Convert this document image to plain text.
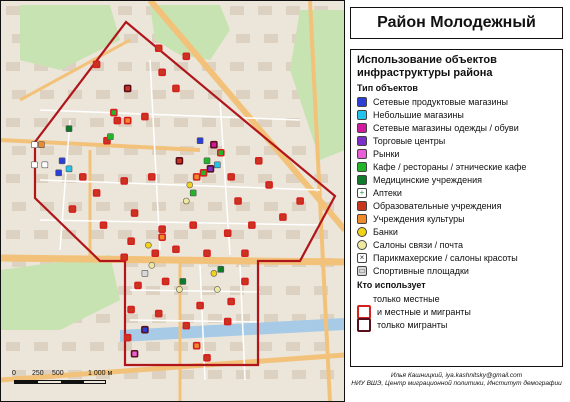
Район Молодежный
Использование объектов инфраструктуры района
Тип объектов
Сетевые продуктовые магазины
Небольшие магазины
Сетевые магазины одежды / обуви
Торговые центры
Рынки
Кафе / рестораны / этнические кафе
Медицинские учреждения
+ Аптеки
Образовательные учреждения
Учреждения культуры
Банки
Салоны связи / почта
× Парикмахерские / салоны красоты
▭ Спортивные площадки
Кто использует
только местные
и местные и мигранты
только мигранты
Илья Кашницкий, iya.kashnitsky@gmail.com
НИУ ВШЭ, Центр миграционной политики, Институт демографии
0 250 500	1 000 м
